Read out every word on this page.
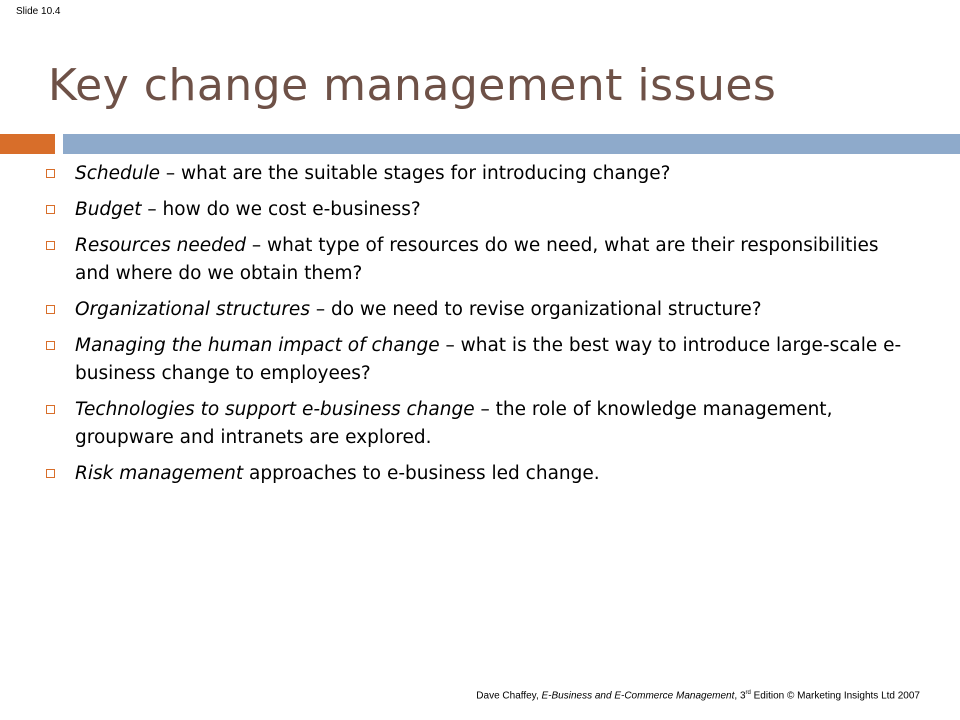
Slide 10.4
Key change management issues
Schedule – what are the suitable stages for introducing change?
Budget – how do we cost e-business?
Resources needed – what type of resources do we need, what are their responsibilities and where do we obtain them?
Organizational structures – do we need to revise organizational structure?
Managing the human impact of change – what is the best way to introduce large-scale e-business change to employees?
Technologies to support e-business change – the role of knowledge management, groupware and intranets are explored.
Risk management approaches to e-business led change.
Dave Chaffey, E-Business and E-Commerce Management, 3rd Edition © Marketing Insights Ltd 2007
